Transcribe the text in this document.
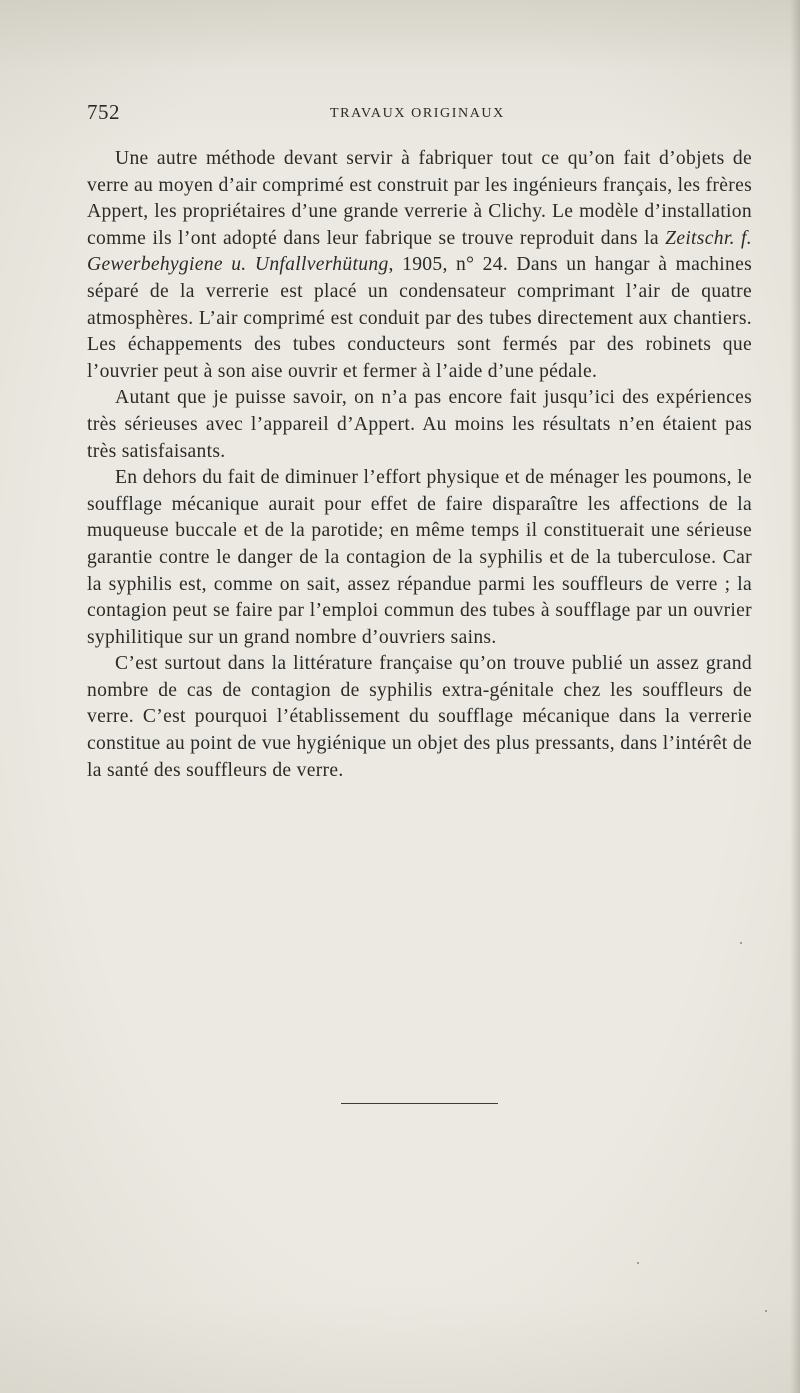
752	TRAVAUX ORIGINAUX

Une autre méthode devant servir à fabriquer tout ce qu’on fait d’objets de verre au moyen d’air comprimé est construit par les ingénieurs français, les frères Appert, les propriétaires d’une grande verrerie à Clichy. Le modèle d’installation comme ils l’ont adopté dans leur fabrique se trouve reproduit dans la Zeitschr. f. Gewerbehygiene u. Unfallverhütung, 1905, n° 24. Dans un hangar à machines séparé de la verrerie est placé un condensateur comprimant l’air de quatre atmosphères. L’air comprimé est conduit par des tubes directement aux chantiers. Les échappements des tubes conducteurs sont fermés par des robinets que l’ouvrier peut à son aise ouvrir et fermer à l’aide d’une pédale.

Autant que je puisse savoir, on n’a pas encore fait jusqu’ici des expériences très sérieuses avec l’appareil d’Appert. Au moins les résultats n’en étaient pas très satisfaisants.

En dehors du fait de diminuer l’effort physique et de ménager les poumons, le soufflage mécanique aurait pour effet de faire disparaître les affections de la muqueuse buccale et de la parotide; en même temps il constituerait une sérieuse garantie contre le danger de la contagion de la syphilis et de la tuberculose. Car la syphilis est, comme on sait, assez répandue parmi les souffleurs de verre ; la contagion peut se faire par l’emploi commun des tubes à soufflage par un ouvrier syphilitique sur un grand nombre d’ouvriers sains.

C’est surtout dans la littérature française qu’on trouve publié un assez grand nombre de cas de contagion de syphilis extra-génitale chez les souffleurs de verre. C’est pourquoi l’établissement du soufflage mécanique dans la verrerie constitue au point de vue hygiénique un objet des plus pressants, dans l’intérêt de la santé des souffleurs de verre.
